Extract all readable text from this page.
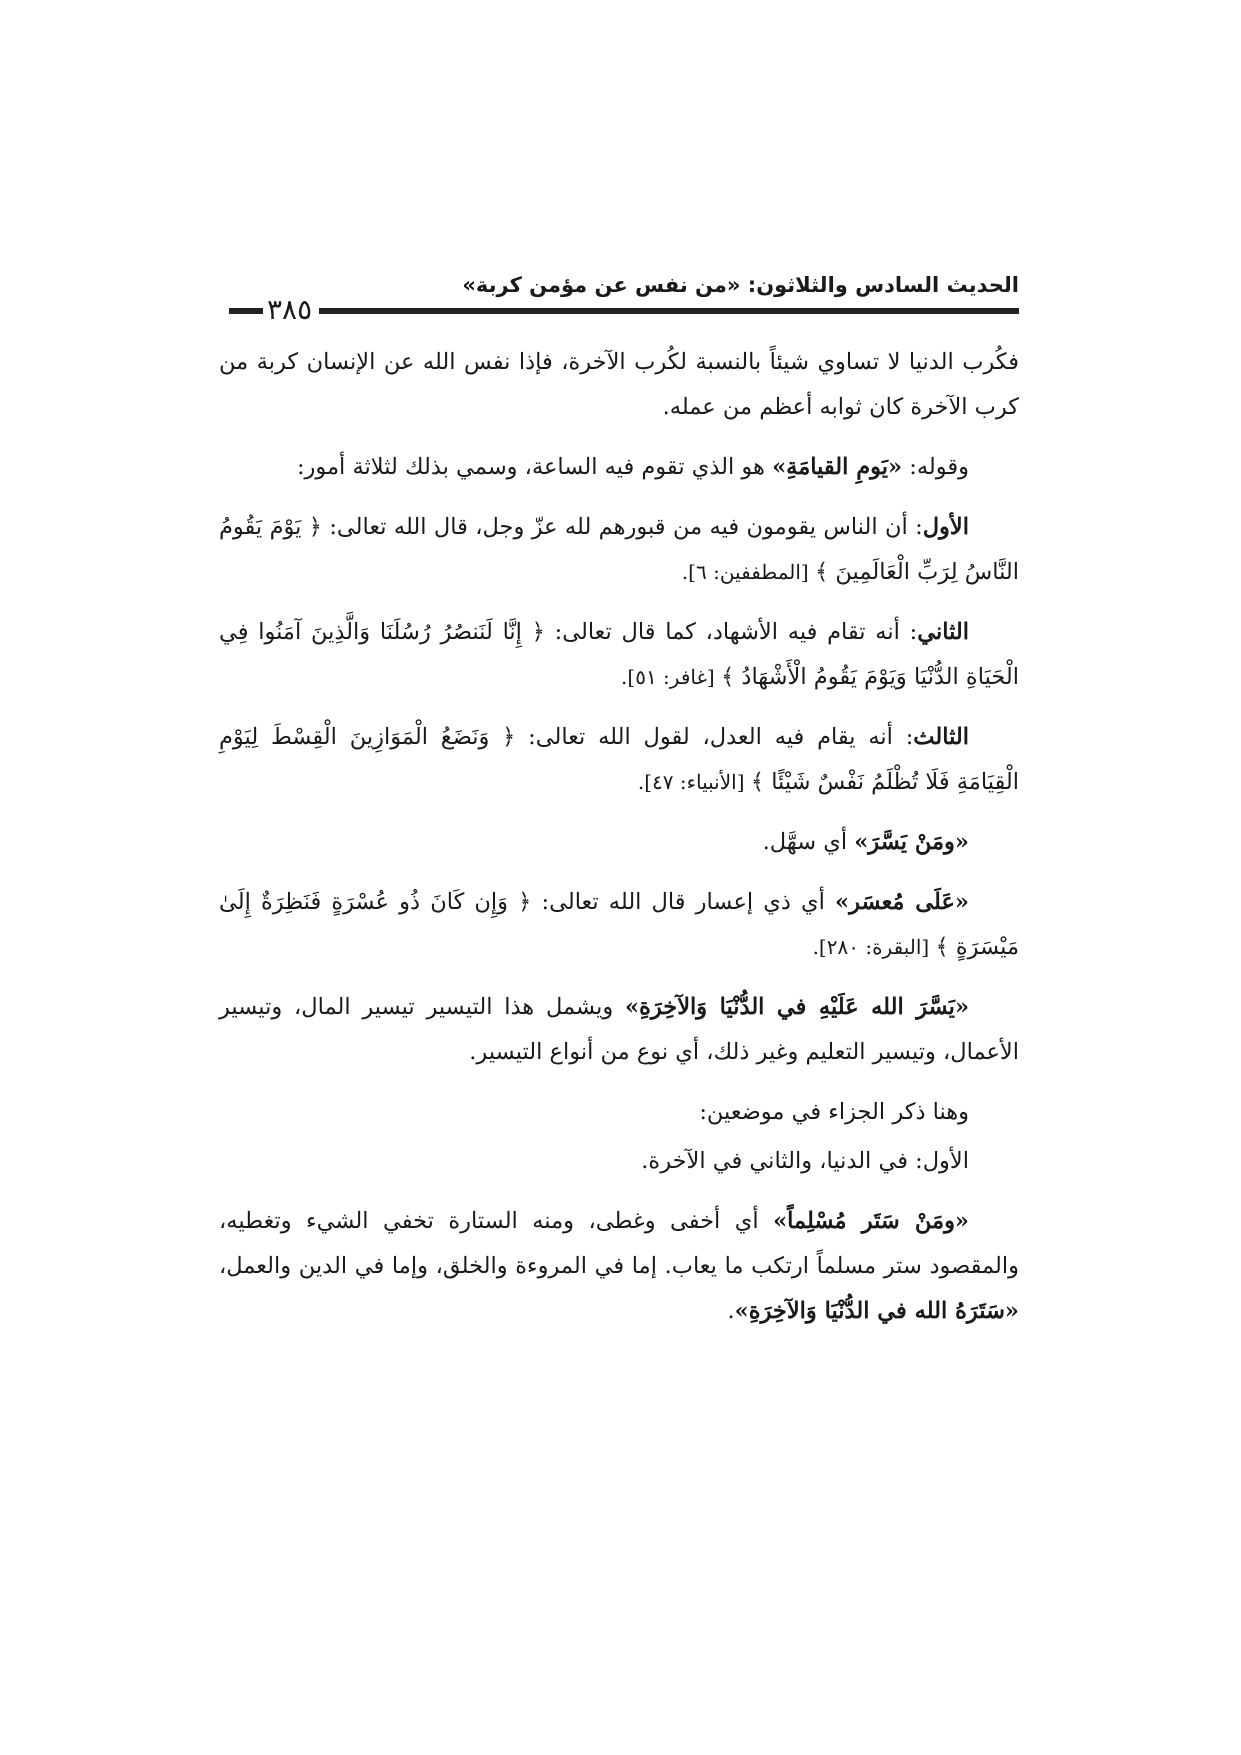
الحديث السادس والثلاثون: «من نفس عن مؤمن كربة»
٣٨٥

فكُرب الدنيا لا تساوي شيئاً بالنسبة لكُرب الآخرة، فإذا نفس الله عن الإنسان كربة من كرب الآخرة كان ثوابه أعظم من عمله.

وقوله: «يَومِ القيامَةِ» هو الذي تقوم فيه الساعة، وسمي بذلك لثلاثة أمور:

الأول: أن الناس يقومون فيه من قبورهم لله عزّ وجل، قال الله تعالى: ﴿ يَوْمَ يَقُومُ النَّاسُ لِرَبِّ الْعَالَمِينَ ﴾ [المطففين: ٦].

الثاني: أنه تقام فيه الأشهاد، كما قال تعالى: ﴿ إِنَّا لَنَنصُرُ رُسُلَنَا وَالَّذِينَ آمَنُوا فِي الْحَيَاةِ الدُّنْيَا وَيَوْمَ يَقُومُ الْأَشْهَادُ ﴾ [غافر: ٥١].

الثالث: أنه يقام فيه العدل، لقول الله تعالى: ﴿ وَنَضَعُ الْمَوَازِينَ الْقِسْطَ لِيَوْمِ الْقِيَامَةِ فَلَا تُظْلَمُ نَفْسٌ شَيْئًا ﴾ [الأنبياء: ٤٧].

«ومَنْ يَسَّرَ» أي سهَّل.

«عَلَى مُعسَر» أي ذي إعسار قال الله تعالى: ﴿ وَإِن كَانَ ذُو عُسْرَةٍ فَنَظِرَةٌ إِلَىٰ مَيْسَرَةٍ ﴾ [البقرة: ٢٨٠].

«يَسَّرَ الله عَلَيْهِ في الدُّنْيَا وَالآخِرَةِ» ويشمل هذا التيسير تيسير المال، وتيسير الأعمال، وتيسير التعليم وغير ذلك، أي نوع من أنواع التيسير.

وهنا ذكر الجزاء في موضعين:

الأول: في الدنيا، والثاني في الآخرة.

«ومَنْ سَتَر مُسْلِماً» أي أخفى وغطى، ومنه الستارة تخفي الشيء وتغطيه، والمقصود ستر مسلماً ارتكب ما يعاب. إما في المروءة والخلق، وإما في الدين والعمل، «سَتَرَهُ الله في الدُّنْيَا وَالآخِرَةِ».
